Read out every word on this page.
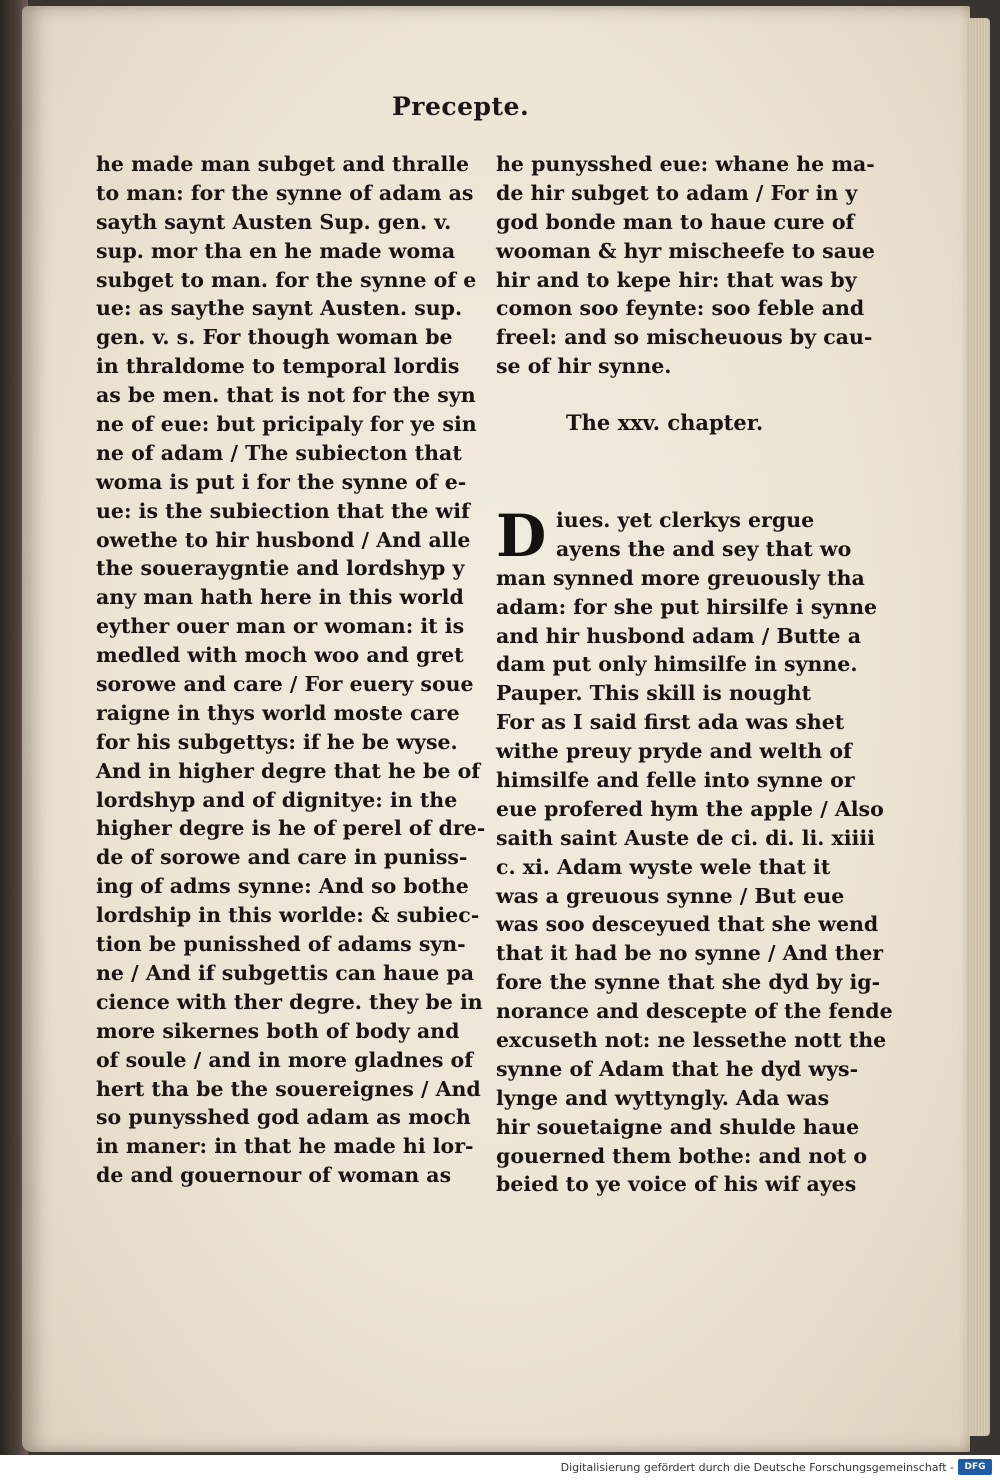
Precepte.
he made man subget and thralle
to man: for the synne of adam as
sayth saynt Austen Sup. gen. v.
sup. mor tha en he made woma
subget to man. for the synne of e
ue: as saythe saynt Austen. sup.
gen. v. s. For though woman be
in thraldome to temporal lordis
as be men. that is not for the syn
ne of eue: but pricipaly for ye sin
ne of adam / The subiecton that
woma is put i for the synne of e-
ue: is the subiection that the wif
owethe to hir husbond / And alle
the soueraygntie and lordshyp y
any man hath here in this world
eyther ouer man or woman: it is
medled with moch woo and gret
sorowe and care / For euery soue
raigne in thys world moste care
for his subgettys: if he be wyse.
And in higher degre that he be of
lordshyp and of dignitye: in the
higher degre is he of perel of dre-
de of sorowe and care in puniss-
ing of adms synne: And so bothe
lordship in this worlde: & subiec-
tion be punisshed of adams syn-
ne / And if subgettis can haue pa
cience with ther degre. they be in
more sikernes both of body and
of soule / and in more gladnes of
hert tha be the souereignes / And
so punysshed god adam as moch
in maner: in that he made hi lor-
de and gouernour of woman as
he punysshed eue: whane he ma-
de hir subget to adam / For in y
god bonde man to haue cure of
wooman & hyr mischeefe to saue
hir and to kepe hir: that was by
comon soo feynte: soo feble and
freel: and so mischeuous by cau-
se of hir synne.
The xxv. chapter.
D iues. yet clerkys ergue
ayens the and sey that wo
man synned more greuously tha
adam: for she put hirsilfe i synne
and hir husbond adam / Butte a
dam put only himsilfe in synne.
Pauper. This skill is nought
For as I said first ada was shet
withe preuy pryde and welth of
himsilfe and felle into synne or
eue profered hym the apple / Also
saith saint Auste de ci. di. li. xiiii
c. xi. Adam wyste wele that it
was a greuous synne / But eue
was soo desceyued that she wend
that it had be no synne / And ther
fore the synne that she dyd by ig-
norance and descepte of the fende
excuseth not: ne lessethe nott the
synne of Adam that he dyd wys-
lynge and wyttyngly. Ada was
hir souetaigne and shulde haue
gouerned them bothe: and not o
beied to ye voice of his wif ayes
Digitalisierung gefördert durch die Deutsche Forschungsgemeinschaft -	DFG
